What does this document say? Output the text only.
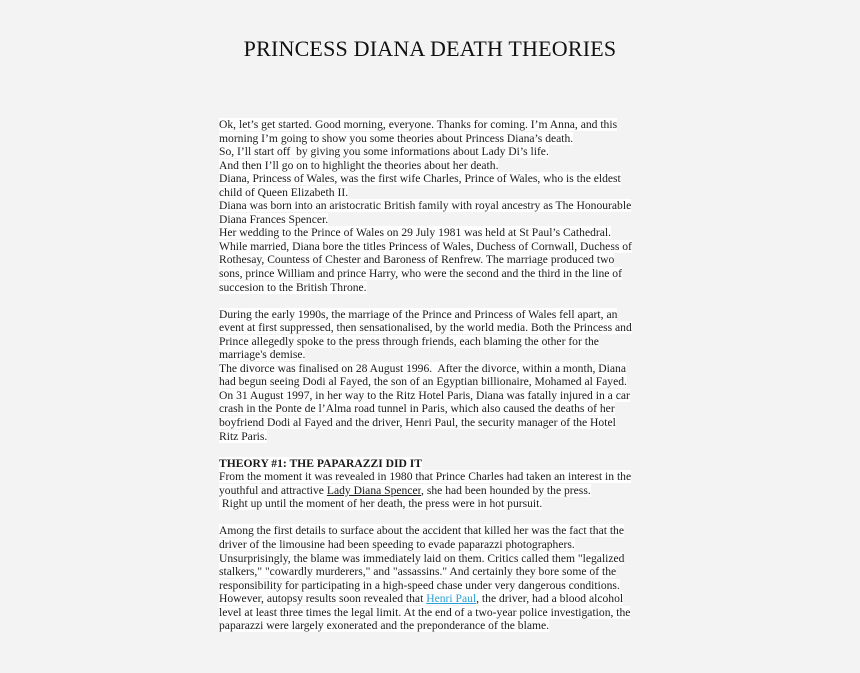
PRINCESS DIANA DEATH THEORIES
Ok, let’s get started. Good morning, everyone. Thanks for coming. I’m Anna, and this
morning I’m going to show you some theories about Princess Diana’s death.
So, I’ll start off  by giving you some informations about Lady Di’s life.
And then I’ll go on to highlight the theories about her death.
Diana, Princess of Wales, was the first wife Charles, Prince of Wales, who is the eldest
child of Queen Elizabeth II.
Diana was born into an aristocratic British family with royal ancestry as The Honourable
Diana Frances Spencer.
Her wedding to the Prince of Wales on 29 July 1981 was held at St Paul’s Cathedral.
While married, Diana bore the titles Princess of Wales, Duchess of Cornwall, Duchess of
Rothesay, Countess of Chester and Baroness of Renfrew. The marriage produced two
sons, prince William and prince Harry, who were the second and the third in the line of
succesion to the British Throne.
During the early 1990s, the marriage of the Prince and Princess of Wales fell apart, an
event at first suppressed, then sensationalised, by the world media. Both the Princess and
Prince allegedly spoke to the press through friends, each blaming the other for the
marriage's demise.
The divorce was finalised on 28 August 1996.  After the divorce, within a month, Diana
had begun seeing Dodi al Fayed, the son of an Egyptian billionaire, Mohamed al Fayed.
On 31 August 1997, in her way to the Ritz Hotel Paris, Diana was fatally injured in a car
crash in the Ponte de l’Alma road tunnel in Paris, which also caused the deaths of her
boyfriend Dodi al Fayed and the driver, Henri Paul, the security manager of the Hotel
Ritz Paris.
THEORY #1: THE PAPARAZZI DID IT
From the moment it was revealed in 1980 that Prince Charles had taken an interest in the
youthful and attractive Lady Diana Spencer, she had been hounded by the press.
Right up until the moment of her death, the press were in hot pursuit.
Among the first details to surface about the accident that killed her was the fact that the
driver of the limousine had been speeding to evade paparazzi photographers.
Unsurprisingly, the blame was immediately laid on them. Critics called them "legalized
stalkers," "cowardly murderers," and "assassins." And certainly they bore some of the
responsibility for participating in a high-speed chase under very dangerous conditions.
However, autopsy results soon revealed that Henri Paul, the driver, had a blood alcohol
level at least three times the legal limit. At the end of a two-year police investigation, the
paparazzi were largely exonerated and the preponderance of the blame.
